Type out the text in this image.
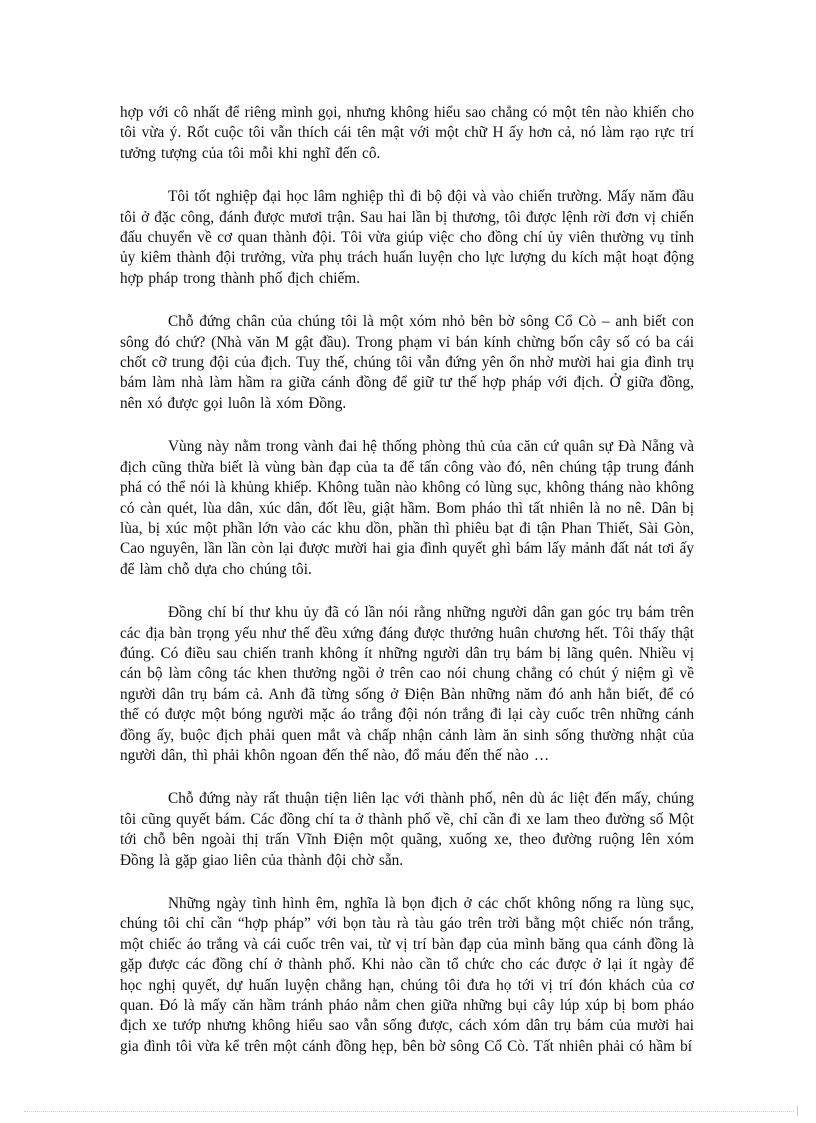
hợp với cô nhất để riêng mình gọi, nhưng không hiểu sao chẳng có một tên nào khiến cho tôi vừa ý. Rốt cuộc tôi vẫn thích cái tên mật với một chữ H ấy hơn cả, nó làm rạo rực trí tưởng tượng của tôi mỗi khi nghĩ đến cô.

Tôi tốt nghiệp đại học lâm nghiệp thì đi bộ đội và vào chiến trường. Mấy năm đầu tôi ở đặc công, đánh được mươi trận. Sau hai lần bị thương, tôi được lệnh rời đơn vị chiến đấu chuyển về cơ quan thành đội. Tôi vừa giúp việc cho đồng chí ủy viên thường vụ tỉnh ủy kiêm thành đội trưởng, vừa phụ trách huấn luyện cho lực lượng du kích mật hoạt động hợp pháp trong thành phố địch chiếm.

Chỗ đứng chân của chúng tôi là một xóm nhỏ bên bờ sông Cổ Cò – anh biết con sông đó chứ? (Nhà văn M gật đầu). Trong phạm vi bán kính chừng bốn cây số có ba cái chốt cỡ trung đội của địch. Tuy thế, chúng tôi vẫn đứng yên ổn nhờ mười hai gia đình trụ bám làm nhà làm hầm ra giữa cánh đồng để giữ tư thế hợp pháp với địch. Ở giữa đồng, nên xó được gọi luôn là xóm Đồng.

Vùng này nằm trong vành đai hệ thống phòng thủ của căn cứ quân sự Đà Nẵng và địch cũng thừa biết là vùng bàn đạp của ta để tấn công vào đó, nên chúng tập trung đánh phá có thể nói là khủng khiếp. Không tuần nào không có lùng sục, không tháng nào không có càn quét, lùa dân, xúc dân, đốt lều, giật hầm. Bom pháo thì tất nhiên là no nê. Dân bị lùa, bị xúc một phần lớn vào các khu dồn, phần thì phiêu bạt đi tận Phan Thiết, Sài Gòn, Cao nguyên, lần lần còn lại được mười hai gia đình quyết ghì bám lấy mảnh đất nát tơi ấy để làm chỗ dựa cho chúng tôi.

Đồng chí bí thư khu ủy đã có lần nói rằng những người dân gan góc trụ bám trên các địa bàn trọng yếu như thế đều xứng đáng được thưởng huân chương hết. Tôi thấy thật đúng. Có điều sau chiến tranh không ít những người dân trụ bám bị lãng quên. Nhiều vị cán bộ làm công tác khen thưởng ngồi ở trên cao nói chung chẳng có chút ý niệm gì về người dân trụ bám cả. Anh đã từng sống ở Điện Bàn những năm đó anh hẳn biết, để có thể có được một bóng người mặc áo trắng đội nón trắng đi lại cày cuốc trên những cánh đồng ấy, buộc địch phải quen mắt và chấp nhận cảnh làm ăn sinh sống thường nhật của người dân, thì phải khôn ngoan đến thế nào, đổ máu đến thế nào …

Chỗ đứng này rất thuận tiện liên lạc với thành phố, nên dù ác liệt đến mấy, chúng tôi cũng quyết bám. Các đồng chí ta ở thành phố về, chỉ cần đi xe lam theo đường số Một tới chỗ bên ngoài thị trấn Vĩnh Điện một quãng, xuống xe, theo đường ruộng lên xóm Đồng là gặp giao liên của thành đội chờ sẵn.

Những ngày tình hình êm, nghĩa là bọn địch ở các chốt không nống ra lùng sục, chúng tôi chỉ cần “hợp pháp” với bọn tàu rà tàu gáo trên trời bằng một chiếc nón trắng, một chiếc áo trắng và cái cuốc trên vai, từ vị trí bàn đạp của mình băng qua cánh đồng là gặp được các đồng chí ở thành phố. Khi nào cần tổ chức cho các được ở lại ít ngày để học nghị quyết, dự huấn luyện chẳng hạn, chúng tôi đưa họ tới vị trí đón khách của cơ quan. Đó là mấy căn hầm tránh pháo nằm chen giữa những bụi cây lúp xúp bị bom pháo địch xe tướp nhưng không hiểu sao vẫn sống được, cách xóm dân trụ bám của mười hai gia đình tôi vừa kể trên một cánh đồng hẹp, bên bờ sông Cổ Cò. Tất nhiên phải có hầm bí
